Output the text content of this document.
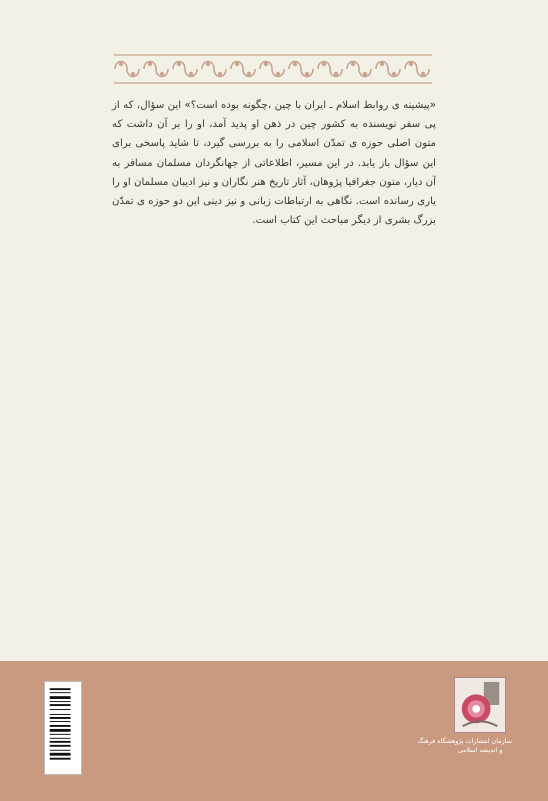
«پیشینه ی روابط اسلام ـ ایران با چین ،چگونه بوده است؟» این سؤال، که از پی سفر نویسنده به کشور چین در ذهن او پدید آمد، او را بر آن داشت که متون اصلی حوزه ی تمدّن اسلامی را به بررسی گیرد، تا شاید پاسخی برای این سؤال باز یابد. در این مسیر، اطلاعاتی از جهانگردان مسلمان مسافر به آن دیار، متون جغرافیا پژوهان، آثار تاریخ هنر نگاران و نیز ادیبان مسلمان او را یاری رسانده است. نگاهی به ارتباطات زبانی و نیز دینی این دو حوزه ی تمدّن بزرگ بشری از دیگر مباحث این کتاب است.

سازمان انتشارات پژوهشگاه فرهنگ
و اندیشه اسلامی
